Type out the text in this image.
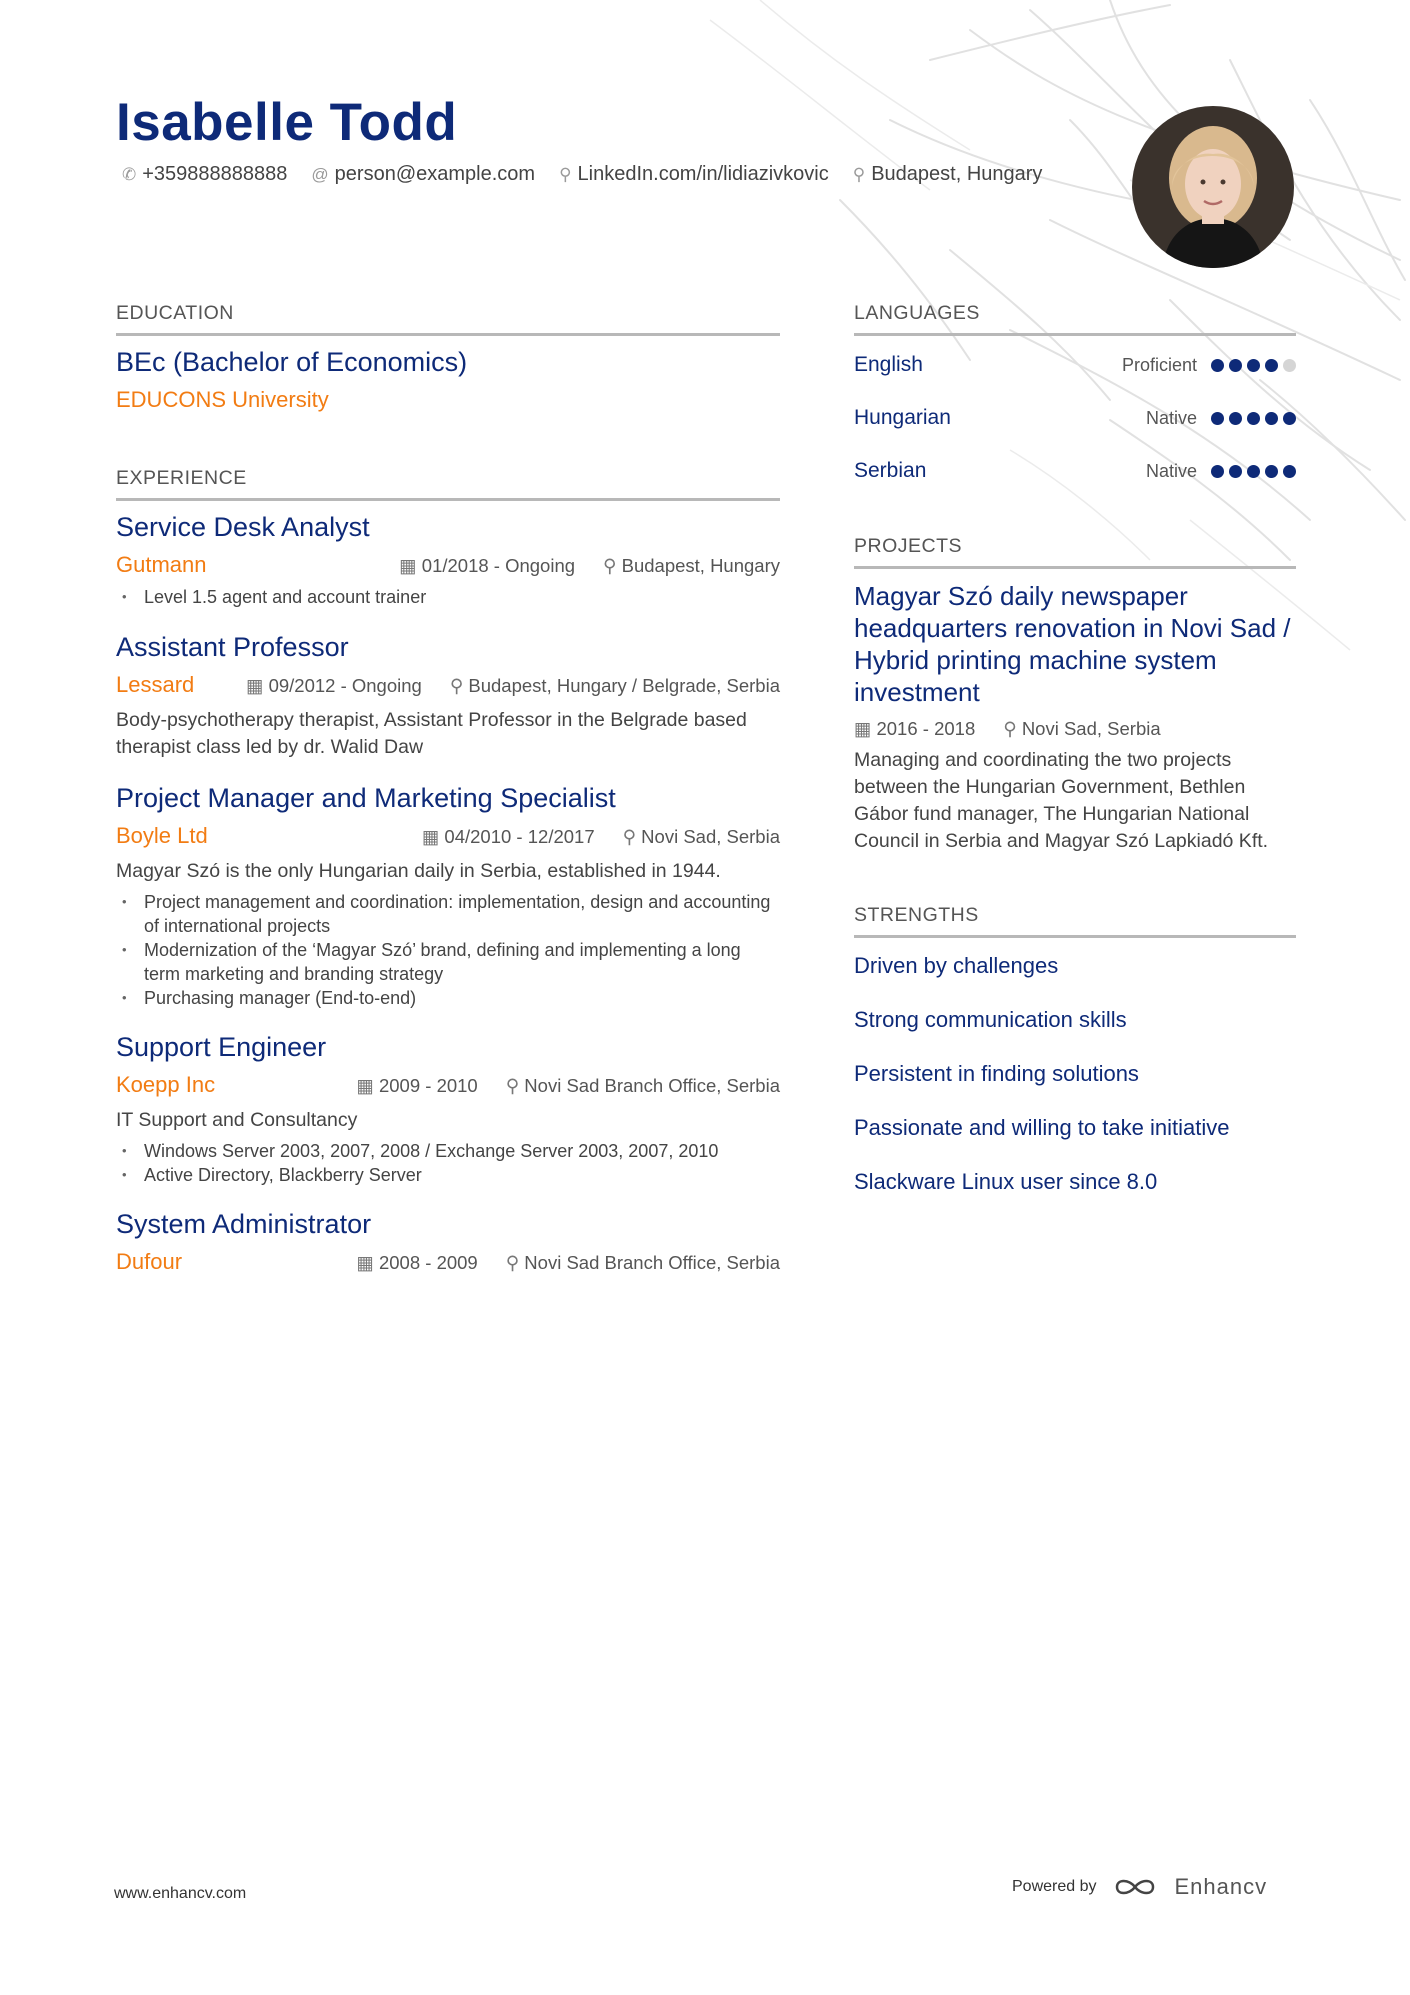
Isabelle Todd
✆ +359888888888 @ person@example.com ⚲ LinkedIn.com/in/lidiazivkovic ⚲ Budapest, Hungary
EDUCATION
BEc (Bachelor of Economics)
EDUCONS University
EXPERIENCE
Service Desk Analyst
Gutmann	▦ 01/2018 - Ongoing ⚲ Budapest, Hungary
• Level 1.5 agent and account trainer
Assistant Professor
Lessard	▦ 09/2012 - Ongoing ⚲ Budapest, Hungary / Belgrade, Serbia
Body-psychotherapy therapist, Assistant Professor in the Belgrade based therapist class led by dr. Walid Daw
Project Manager and Marketing Specialist
Boyle Ltd	▦ 04/2010 - 12/2017 ⚲ Novi Sad, Serbia
Magyar Szó is the only Hungarian daily in Serbia, established in 1944.
• Project management and coordination: implementation, design and accounting of international projects
• Modernization of the ‘Magyar Szó’ brand, defining and implementing a long term marketing and branding strategy
• Purchasing manager (End-to-end)
Support Engineer
Koepp Inc	▦ 2009 - 2010 ⚲ Novi Sad Branch Office, Serbia
IT Support and Consultancy
• Windows Server 2003, 2007, 2008 / Exchange Server 2003, 2007, 2010
• Active Directory, Blackberry Server
System Administrator
Dufour	▦ 2008 - 2009 ⚲ Novi Sad Branch Office, Serbia
LANGUAGES
English	Proficient
Hungarian	Native
Serbian	Native
PROJECTS
Magyar Szó daily newspaper headquarters renovation in Novi Sad / Hybrid printing machine system investment
▦ 2016 - 2018 ⚲ Novi Sad, Serbia
Managing and coordinating the two projects between the Hungarian Government, Bethlen Gábor fund manager, The Hungarian National Council in Serbia and Magyar Szó Lapkiadó Kft.
STRENGTHS
Driven by challenges
Strong communication skills
Persistent in finding solutions
Passionate and willing to take initiative
Slackware Linux user since 8.0
www.enhancv.com	Powered by	Enhancv
